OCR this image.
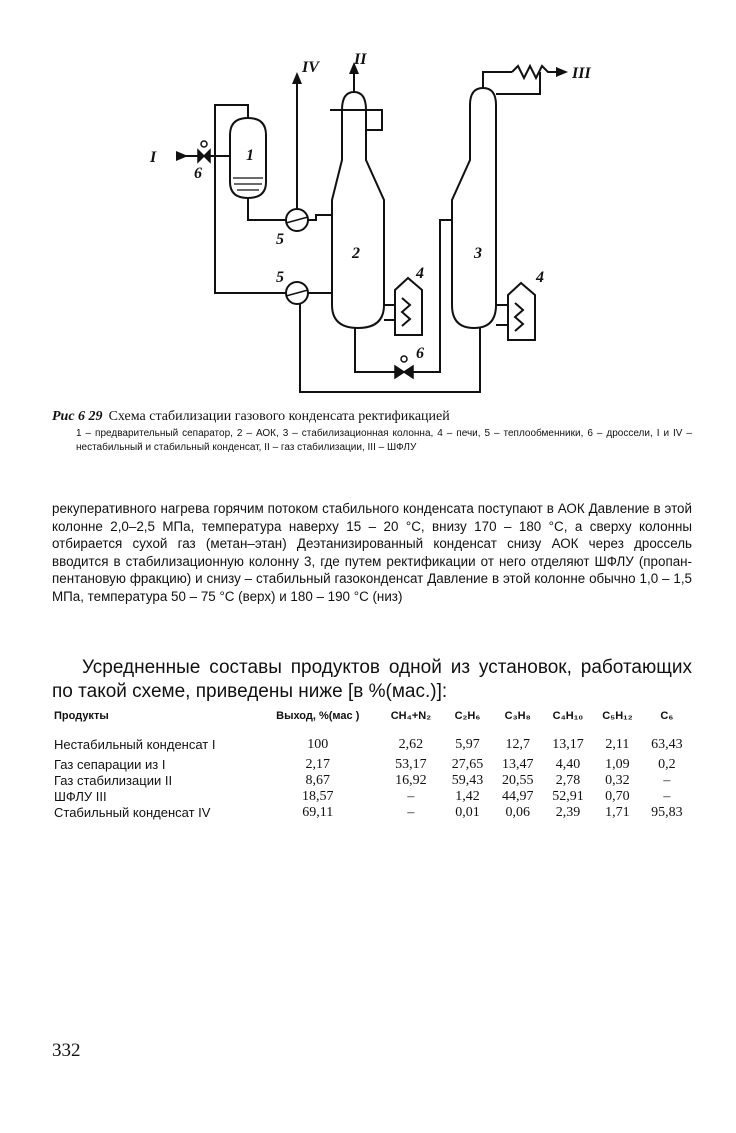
I
II
III
IV
1
2	3
4	4
5
5
6
6
Рис 6 29 Схема стабилизации газового конденсата ректификацией
1 – предварительный сепаратор, 2 – АОК, 3 – стабилизационная колонна, 4 – печи, 5 – теплообменники, 6 – дроссели, I и IV – нестабильный и стабильный конденсат, II – газ стабилизации, III – ШФЛУ
рекуперативного нагрева горячим потоком стабильного конденсата поступают в АОК Давление в этой колонне 2,0–2,5 МПа, температура наверху 15 – 20 °С, внизу 170 – 180 °С, а сверху колонны отбирается сухой газ (метан–этан) Деэтанизированный конденсат снизу АОК через дроссель вводится в стабилизационную колонну 3, где путем ректификации от него отделяют ШФЛУ (пропан-пентановую фракцию) и снизу – стабильный газоконденсат Давление в этой колонне обычно 1,0 – 1,5 МПа, температура 50 – 75 °С (верх) и 180 – 190 °С (низ)
Усредненные составы продуктов одной из установок, работающих по такой схеме, приведены ниже [в %(мас.)]:
Продукты	Выход, %(мас )	CH₄+N₂	C₂H₆	C₃H₈	C₄H₁₀	C₅H₁₂	C₆
Нестабильный конденсат I	100	2,62	5,97	12,7	13,17	2,11	63,43
Газ сепарации из I	2,17	53,17	27,65	13,47	4,40	1,09	0,2
Газ стабилизации II	8,67	16,92	59,43	20,55	2,78	0,32	–
ШФЛУ III	18,57	–	1,42	44,97	52,91	0,70	–
Стабильный конденсат IV	69,11	–	0,01	0,06	2,39	1,71	95,83
332
